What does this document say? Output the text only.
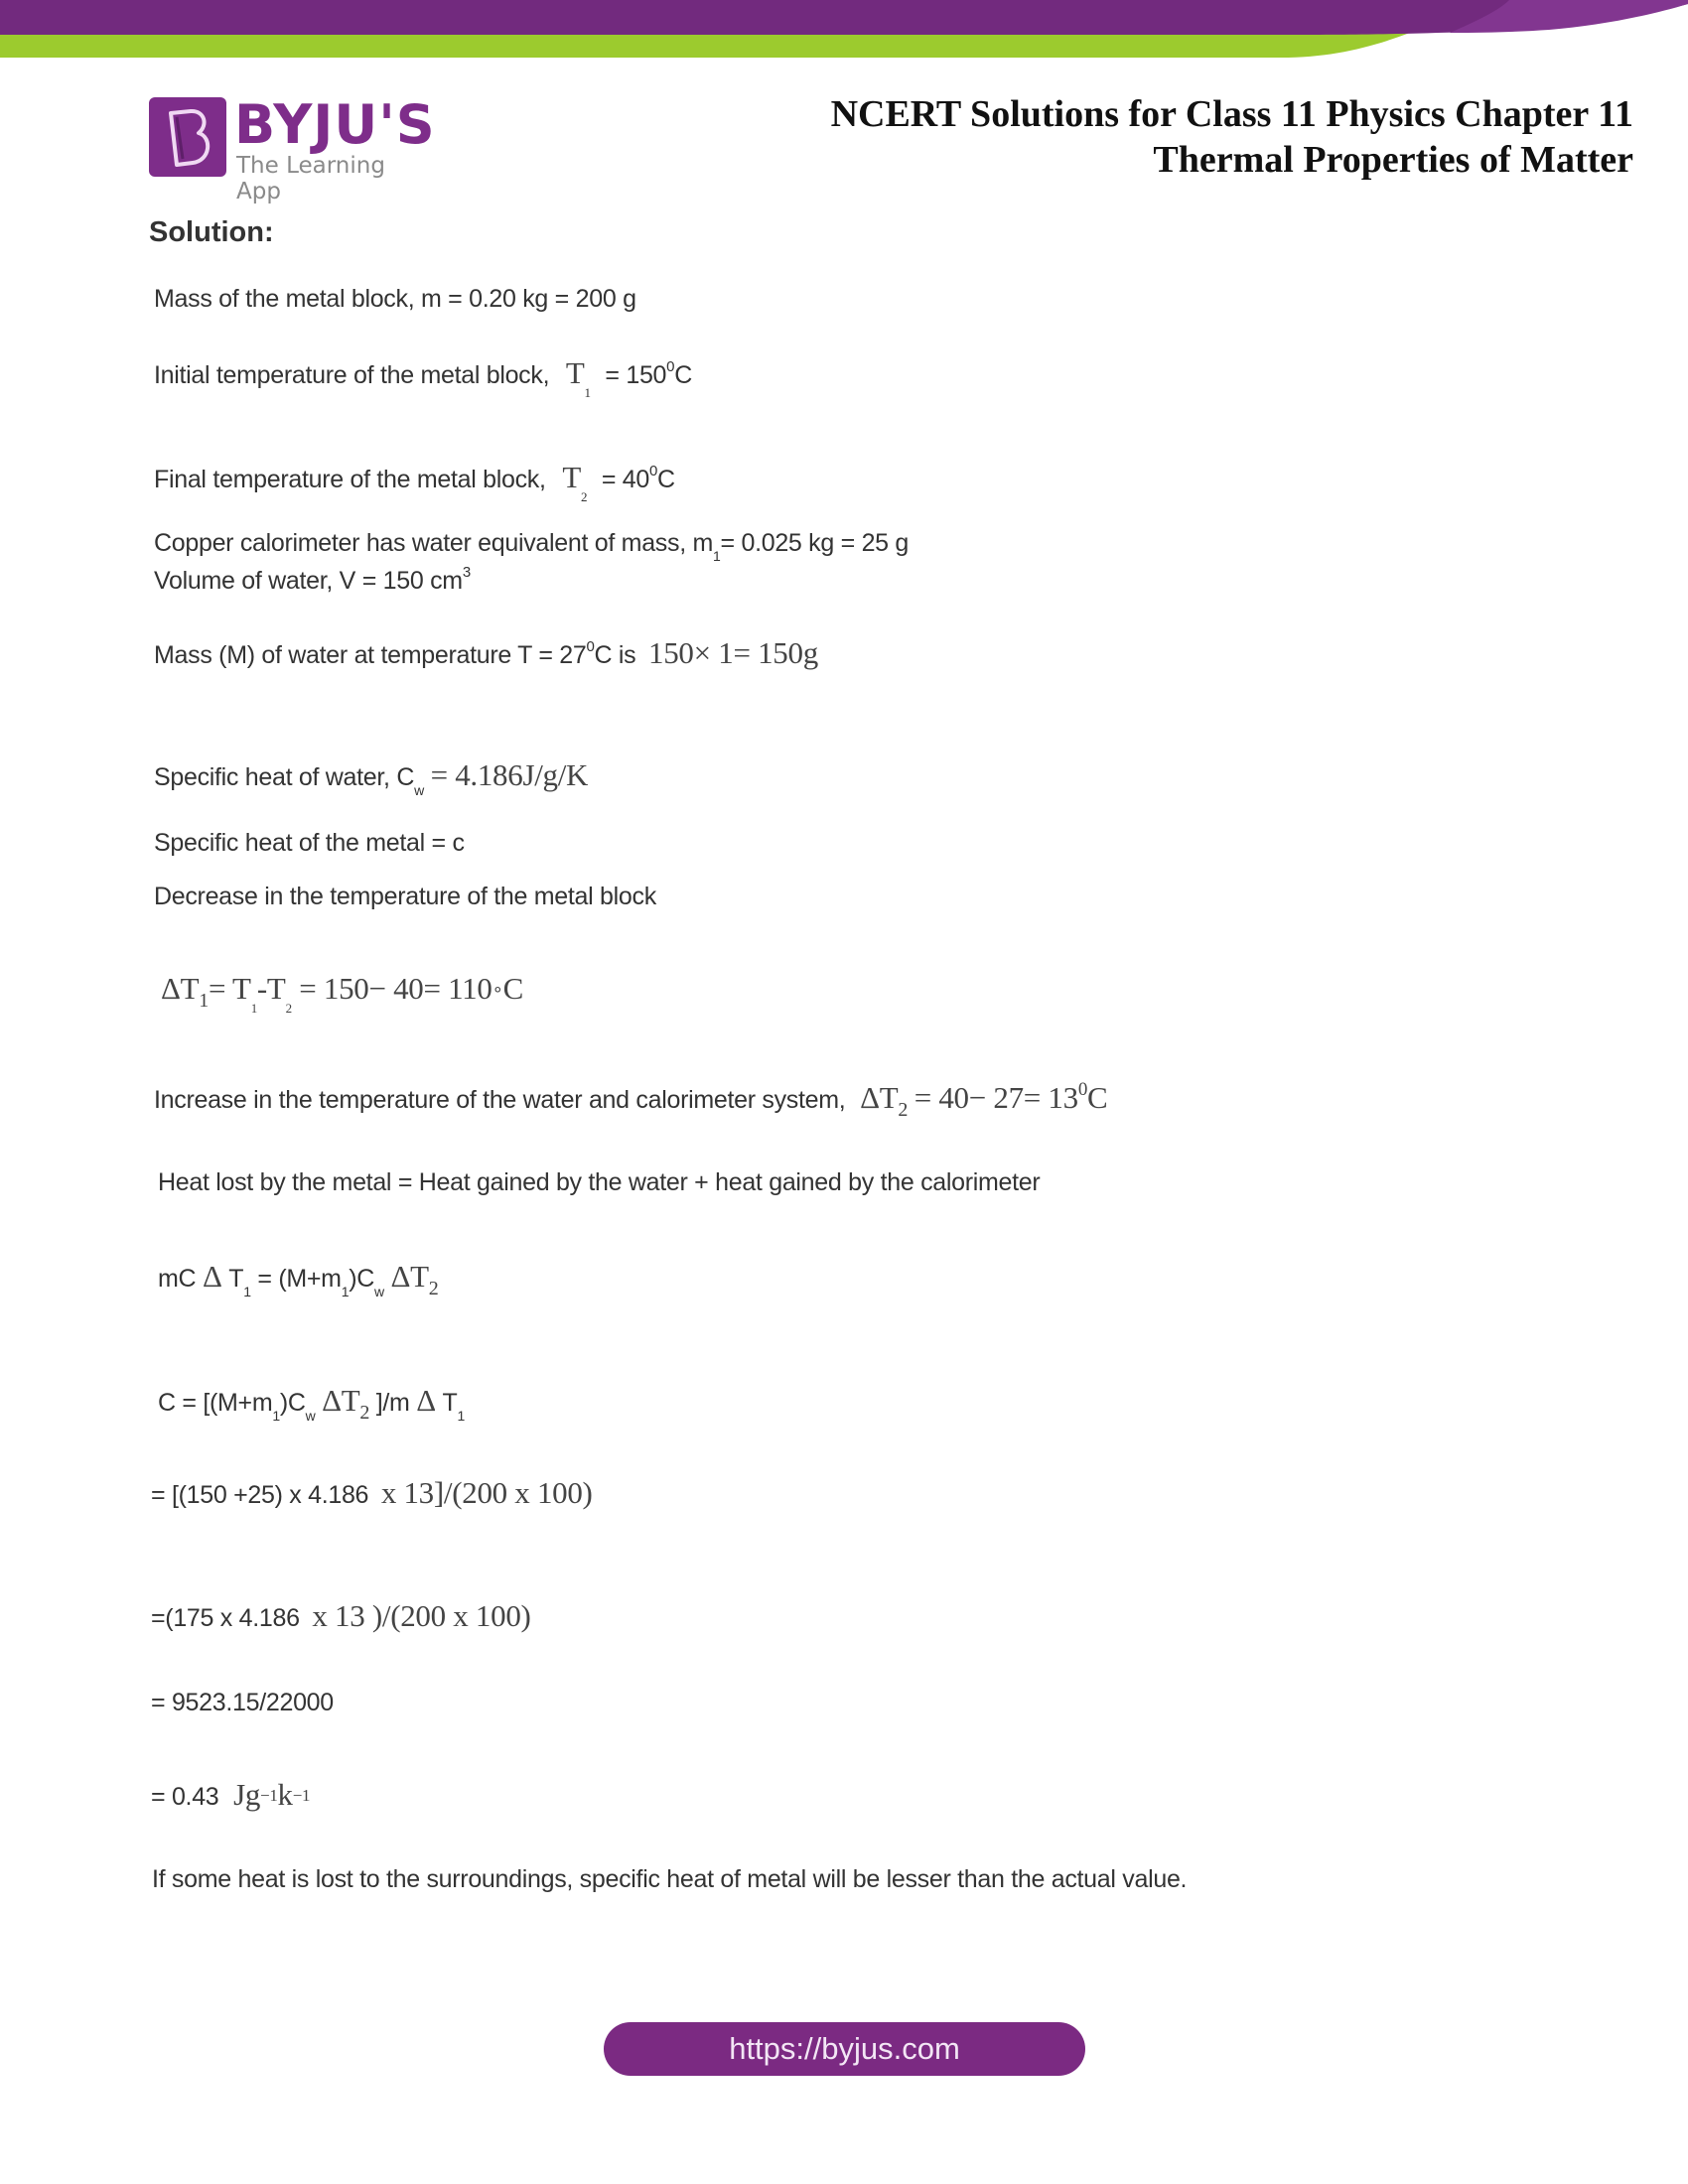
BYJU'S
The Learning App
NCERT Solutions for Class 11 Physics Chapter 11
Thermal Properties of Matter
Solution:
Mass of the metal block, m = 0.20 kg = 200 g
Initial temperature of the metal block, $T_1 = 150^0C$
Final temperature of the metal block, $T_2 = 40^0C$
Copper calorimeter has water equivalent of mass, $m_1= 0.025$ kg = 25 g
Volume of water, V = 150 $cm^3$
Mass (M) of water at temperature $T = 27^0C$ is 150× 1= 150g
Specific heat of water, $C_w = 4.186J/g/K$
Specific heat of the metal = c
Decrease in the temperature of the metal block
$\Delta T_1= T_1-T_2 = 150- 40=$ 110∘C
Increase in the temperature of the water and calorimeter system, $\Delta T_2 = 40- 27= 13^0C$
Heat lost by the metal = Heat gained by the water + heat gained by the calorimeter
mC Δ $T_1 = (M+m_1)C_w$ $\Delta T_2$
$C = [(M+m_1)C_w$ $\Delta T_2$ ]/m Δ $T_1$
= [(150 +25) x 4.186 x 13]/(200 x 100)
=(175 x 4.186 x 13 )/(200 x 100)
= 9523.15/22000
= 0.43 Jg−1k−1
If some heat is lost to the surroundings, specific heat of metal will be lesser than the actual value.
https://byjus.com
